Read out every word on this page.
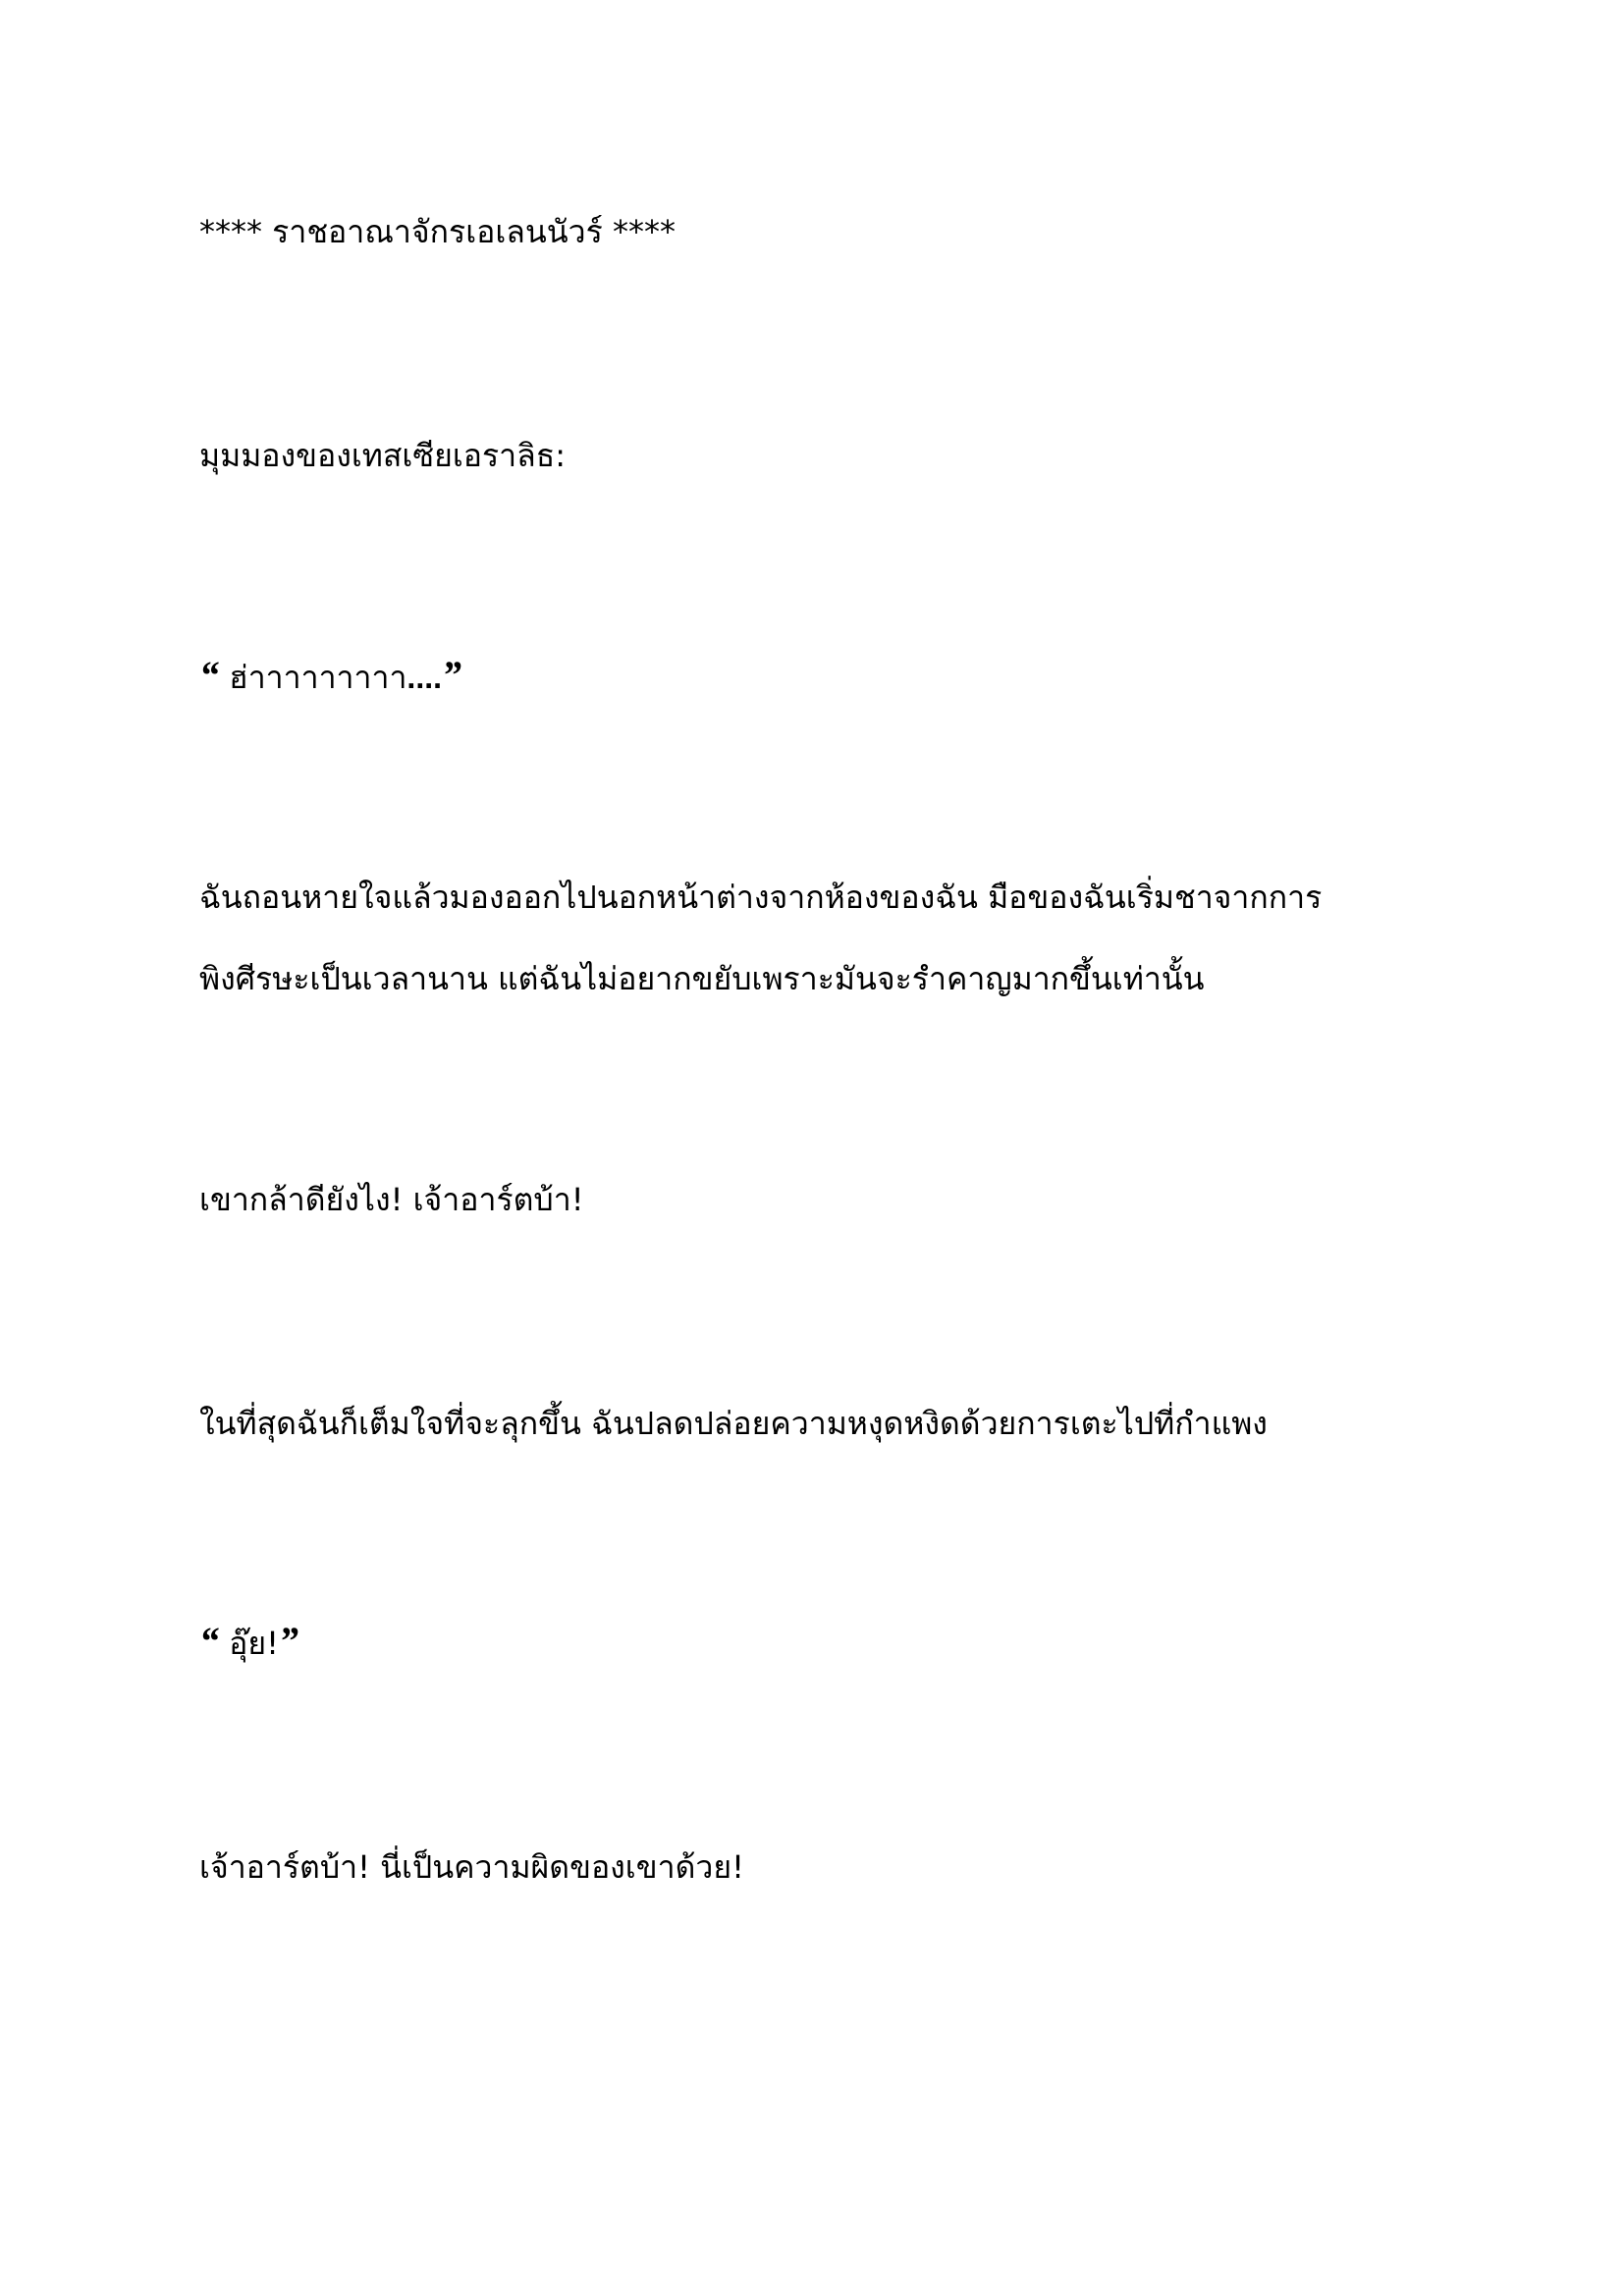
**** ราชอาณาจักรเอเลนนัวร์ ****
มุมมองของเทสเซียเอราลิธ:
“ ฮ่าาาาาาาาา....”
ฉันถอนหายใจแล้วมองออกไปนอกหน้าต่างจากห้องของฉัน มือของฉันเริ่มชาจากการ
พิงศีรษะเป็นเวลานาน แต่ฉันไม่อยากขยับเพราะมันจะรำคาญมากขึ้นเท่านั้น
เขากล้าดียังไง! เจ้าอาร์ตบ้า!
ในที่สุดฉันก็เต็มใจที่จะลุกขึ้น ฉันปลดปล่อยความหงุดหงิดด้วยการเตะไปที่กำแพง
“ อุ๊ย!”
เจ้าอาร์ตบ้า! นี่เป็นความผิดของเขาด้วย!
